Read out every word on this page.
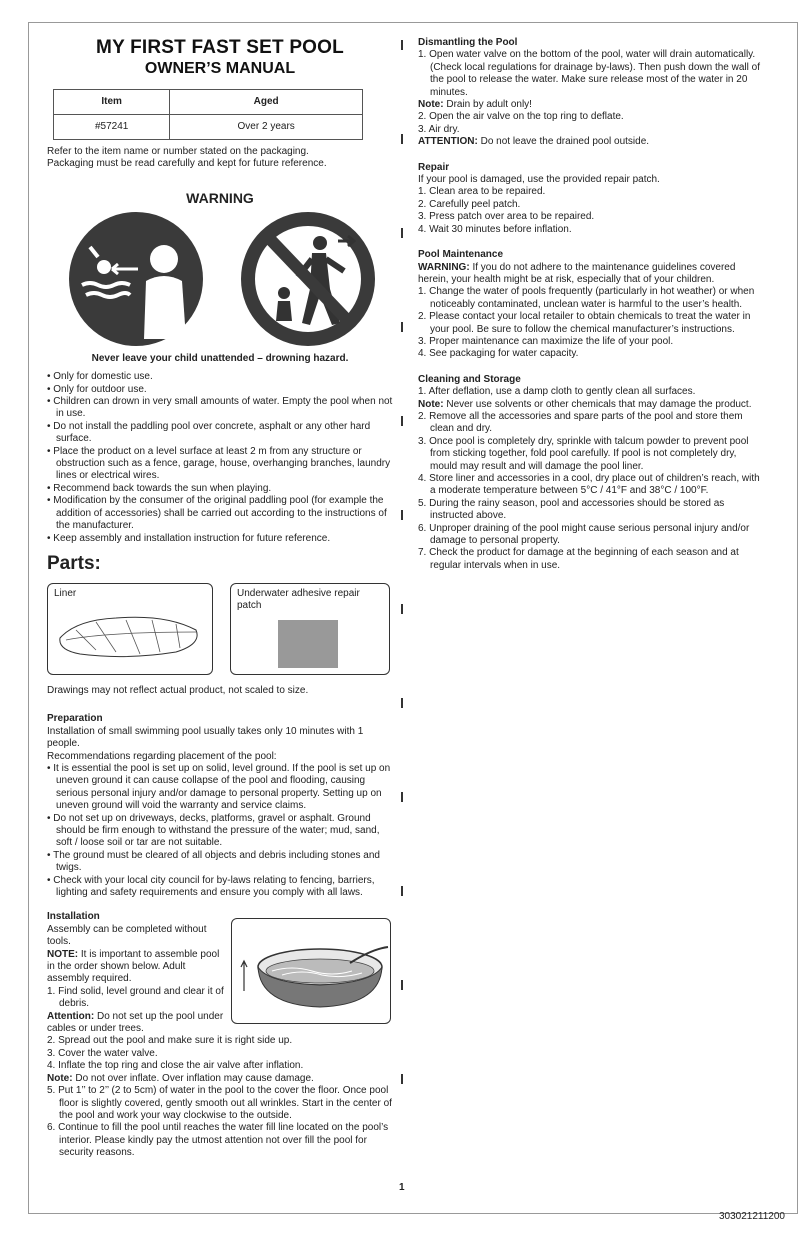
MY FIRST FAST SET POOL
OWNER’S MANUAL
Item	Aged
#57241	Over 2 years
Refer to the item name or number stated on the packaging.
Packaging must be read carefully and kept for future reference.
WARNING
Never leave your child unattended – drowning hazard.
• Only for domestic use.
• Only for outdoor use.
• Children can drown in very small amounts of water. Empty the pool when not in use.
• Do not install the paddling pool over concrete, asphalt or any other hard surface.
• Place the product on a level surface at least 2 m from any structure or obstruction such as a fence, garage, house, overhanging branches, laundry lines or electrical wires.
• Recommend back towards the sun when playing.
• Modification by the consumer of the original paddling pool (for example the addition of accessories) shall be carried out according to the instructions of the manufacturer.
• Keep assembly and installation instruction for future reference.
Parts:
Liner	Underwater adhesive repair patch
Drawings may not reflect actual product, not scaled to size.
Preparation
Installation of small swimming pool usually takes only 10 minutes with 1 people.
Recommendations regarding placement of the pool:
• It is essential the pool is set up on solid, level ground. If the pool is set up on uneven ground it can cause collapse of the pool and flooding, causing serious personal injury and/or damage to personal property. Setting up on uneven ground will void the warranty and service claims.
• Do not set up on driveways, decks, platforms, gravel or asphalt. Ground should be firm enough to withstand the pressure of the water; mud, sand, soft / loose soil or tar are not suitable.
• The ground must be cleared of all objects and debris including stones and twigs.
• Check with your local city council for by-laws relating to fencing, barriers, lighting and safety requirements and ensure you comply with all laws.
Installation
Assembly can be completed without tools.
NOTE: It is important to assemble pool in the order shown below. Adult assembly required.
1. Find solid, level ground and clear it of debris.
Attention: Do not set up the pool under cables or under trees.
2. Spread out the pool and make sure it is right side up.
3. Cover the water valve.
4. Inflate the top ring and close the air valve after inflation.
Note: Do not over inflate. Over inflation may cause damage.
5. Put 1’’ to 2’’ (2 to 5cm) of water in the pool to the cover the floor. Once pool floor is slightly covered, gently smooth out all wrinkles. Start in the center of the pool and work your way clockwise to the outside.
6. Continue to fill the pool until reaches the water fill line located on the pool’s interior. Please kindly pay the utmost attention not over fill the pool for security reasons.
Dismantling the Pool
1. Open water valve on the bottom of the pool, water will drain automatically. (Check local regulations for drainage by-laws). Then push down the wall of the pool to release the water. Make sure release most of the water in 20 minutes.
Note: Drain by adult only!
2. Open the air valve on the top ring to deflate.
3. Air dry.
ATTENTION: Do not leave the drained pool outside.
Repair
If your pool is damaged, use the provided repair patch.
1. Clean area to be repaired.
2. Carefully peel patch.
3. Press patch over area to be repaired.
4. Wait 30 minutes before inflation.
Pool Maintenance
WARNING: If you do not adhere to the maintenance guidelines covered herein, your health might be at risk, especially that of your children.
1. Change the water of pools frequently (particularly in hot weather) or when noticeably contaminated, unclean water is harmful to the user’s health.
2. Please contact your local retailer to obtain chemicals to treat the water in your pool. Be sure to follow the chemical manufacturer’s instructions.
3. Proper maintenance can maximize the life of your pool.
4. See packaging for water capacity.
Cleaning and Storage
1. After deflation, use a damp cloth to gently clean all surfaces.
Note: Never use solvents or other chemicals that may damage the product.
2. Remove all the accessories and spare parts of the pool and store them clean and dry.
3. Once pool is completely dry, sprinkle with talcum powder to prevent pool from sticking together, fold pool carefully. If pool is not completely dry, mould may result and will damage the pool liner.
4. Store liner and accessories in a cool, dry place out of children’s reach, with a moderate temperature between 5°C / 41°F and 38°C / 100°F.
5. During the rainy season, pool and accessories should be stored as instructed above.
6. Unproper draining of the pool might cause serious personal injury and/or damage to personal property.
7. Check the product for damage at the beginning of each season and at regular intervals when in use.
1
303021211200
